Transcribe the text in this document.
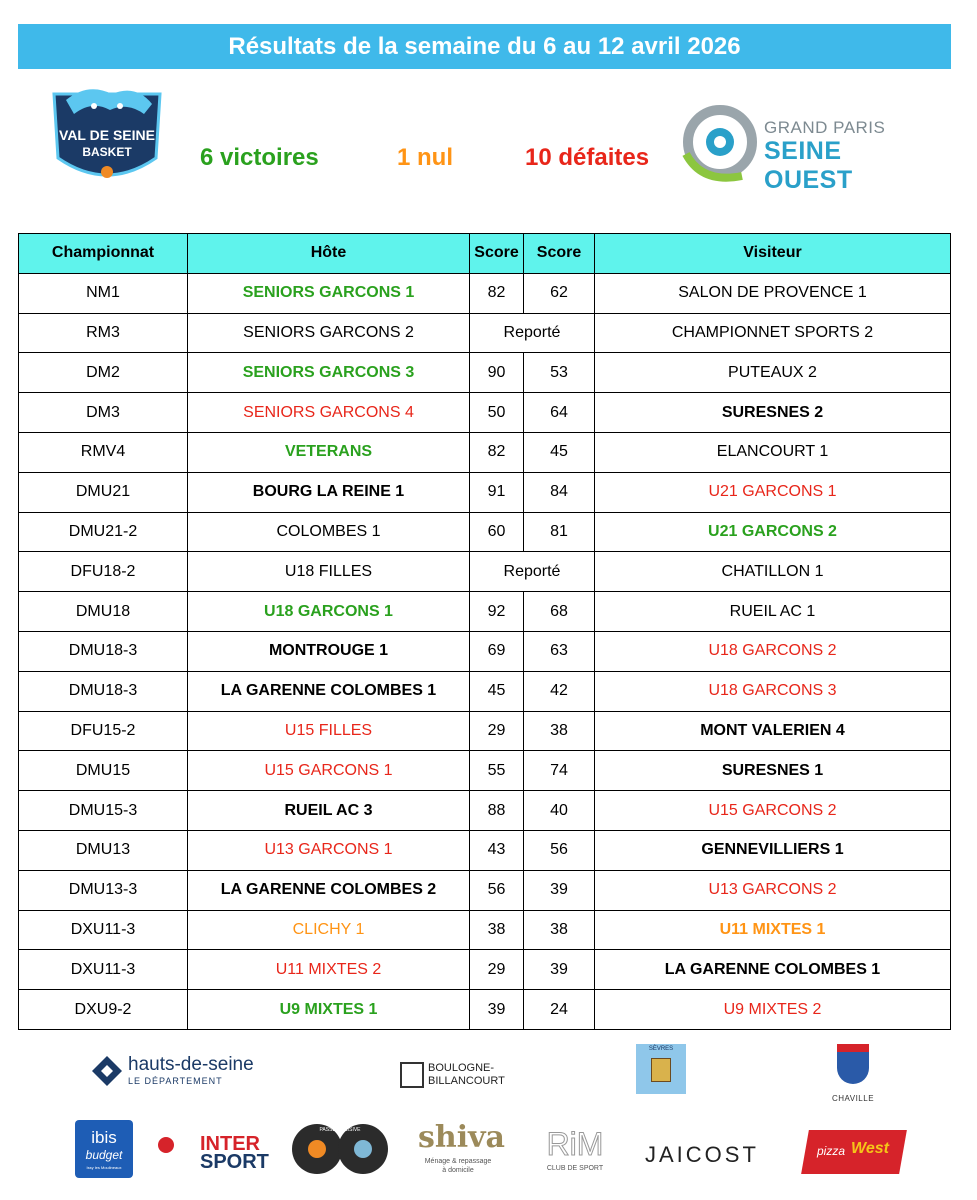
Résultats de la semaine du 6 au 12 avril 2026
VAL DE SEINE
BASKET	6 victoires	1 nul	10 défaites
GRAND PARIS
SEINE OUEST
Championnat	Hôte	Score	Score	Visiteur
NM1	SENIORS GARCONS 1	82	62	SALON DE PROVENCE 1
RM3	SENIORS GARCONS 2	Reporté		CHAMPIONNET SPORTS 2
DM2	SENIORS GARCONS 3	90	53	PUTEAUX 2
DM3	SENIORS GARCONS 4	50	64	SURESNES 2
RMV4	VETERANS	82	45	ELANCOURT 1
DMU21	BOURG LA REINE 1	91	84	U21 GARCONS 1
DMU21-2	COLOMBES 1	60	81	U21 GARCONS 2
DFU18-2	U18 FILLES	Reporté		CHATILLON 1
DMU18	U18 GARCONS 1	92	68	RUEIL AC 1
DMU18-3	MONTROUGE 1	69	63	U18 GARCONS 2
DMU18-3	LA GARENNE COLOMBES 1	45	42	U18 GARCONS 3
DFU15-2	U15 FILLES	29	38	MONT VALERIEN 4
DMU15	U15 GARCONS 1	55	74	SURESNES 1
DMU15-3	RUEIL AC 3	88	40	U15 GARCONS 2
DMU13	U13 GARCONS 1	43	56	GENNEVILLIERS 1
DMU13-3	LA GARENNE COLOMBES 2	56	39	U13 GARCONS 2
DXU11-3	CLICHY 1	38	38	U11 MIXTES 1
DXU11-3	U11 MIXTES 2	29	39	LA GARENNE COLOMBES 1
DXU9-2	U9 MIXTES 1	39	24	U9 MIXTES 2
hauts-de-seine
LE DÉPARTEMENT
BOULOGNE-
BILLANCOURT
SÈVRES
CHAVILLE
ibis
budget
Issy les Moulineaux
INTER
SPORT
PASSE DECISIVE	shiva
Ménage & repassage
à domicile
RiM
CLUB DE SPORT
JAICOST	pizza West
